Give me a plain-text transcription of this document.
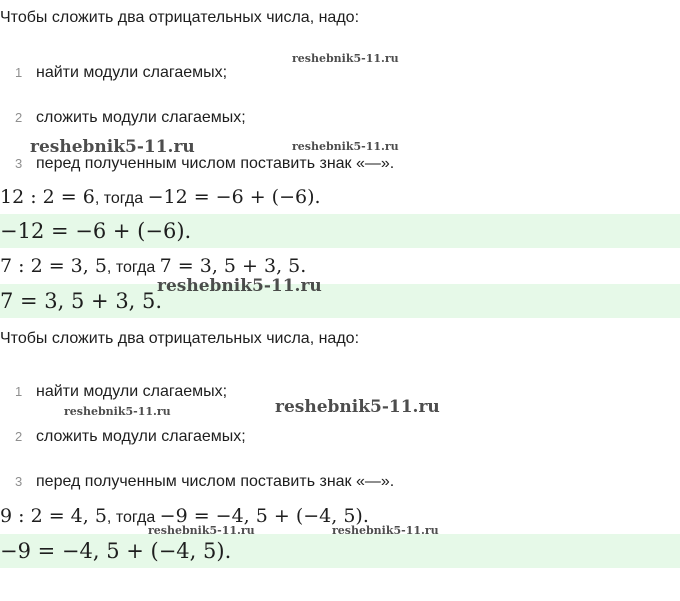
Чтобы сложить два отрицательных числа, надо:
1 найти модули слагаемых;
2 сложить модули слагаемых;
3 перед полученным числом поставить знак «—».
12 : 2 = 6, тогда −12 = −6 + (−6).
−12 = −6 + (−6).
7 : 2 = 3, 5, тогда 7 = 3, 5 + 3, 5.
7 = 3, 5 + 3, 5.
Чтобы сложить два отрицательных числа, надо:
1 найти модули слагаемых;
2 сложить модули слагаемых;
3 перед полученным числом поставить знак «—».
9 : 2 = 4, 5, тогда −9 = −4, 5 + (−4, 5).
−9 = −4, 5 + (−4, 5).
reshebnik5-11.ru
reshebnik5-11.ru	reshebnik5-11.ru
reshebnik5-11.ru
reshebnik5-11.ru	reshebnik5-11.ru
reshebnik5-11.ru	reshebnik5-11.ru
